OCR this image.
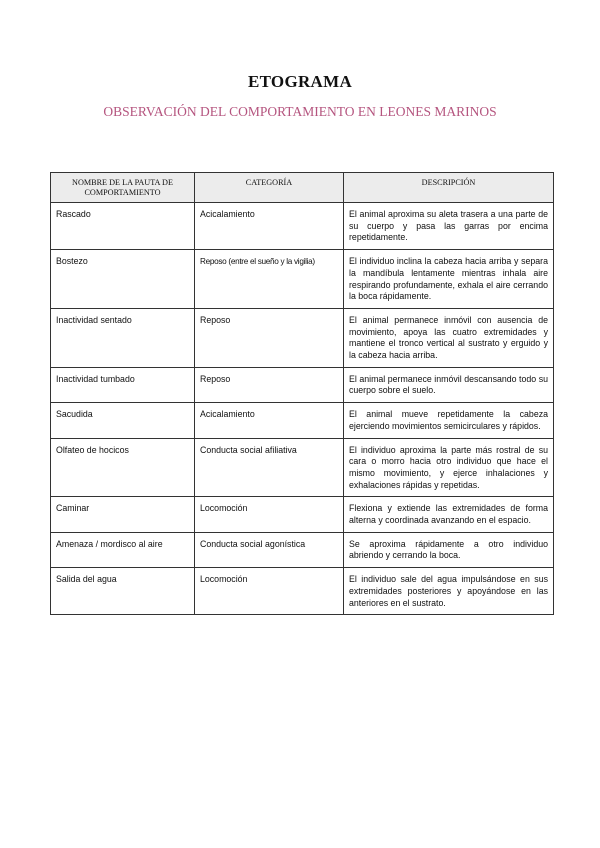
ETOGRAMA
OBSERVACIÓN DEL COMPORTAMIENTO EN LEONES MARINOS
NOMBRE DE LA PAUTA DE COMPORTAMIENTO	CATEGORÍA	DESCRIPCIÓN
Rascado	Acicalamiento	El animal aproxima su aleta trasera a una parte de su cuerpo y pasa las garras por encima repetidamente.
Bostezo	Reposo (entre el sueño y la vigilia)	El individuo inclina la cabeza hacia arriba y separa la mandíbula lentamente mientras inhala aire respirando profundamente, exhala el aire cerrando la boca rápidamente.
Inactividad sentado	Reposo	El animal permanece inmóvil con ausencia de movimiento, apoya las cuatro extremidades y mantiene el tronco vertical al sustrato y erguido y la cabeza hacia arriba.
Inactividad tumbado	Reposo	El animal permanece inmóvil descansando todo su cuerpo sobre el suelo.
Sacudida	Acicalamiento	El animal mueve repetidamente la cabeza ejerciendo movimientos semicirculares y rápidos.
Olfateo de hocicos	Conducta social afiliativa	El individuo aproxima la parte más rostral de su cara o morro hacia otro individuo que hace el mismo movimiento, y ejerce inhalaciones y exhalaciones rápidas y repetidas.
Caminar	Locomoción	Flexiona y extiende las extremidades de forma alterna y coordinada avanzando en el espacio.
Amenaza / mordisco al aire	Conducta social agonística	Se aproxima rápidamente a otro individuo abriendo y cerrando la boca.
Salida del agua	Locomoción	El individuo sale del agua impulsándose en sus extremidades posteriores y apoyándose en las anteriores en el sustrato.
